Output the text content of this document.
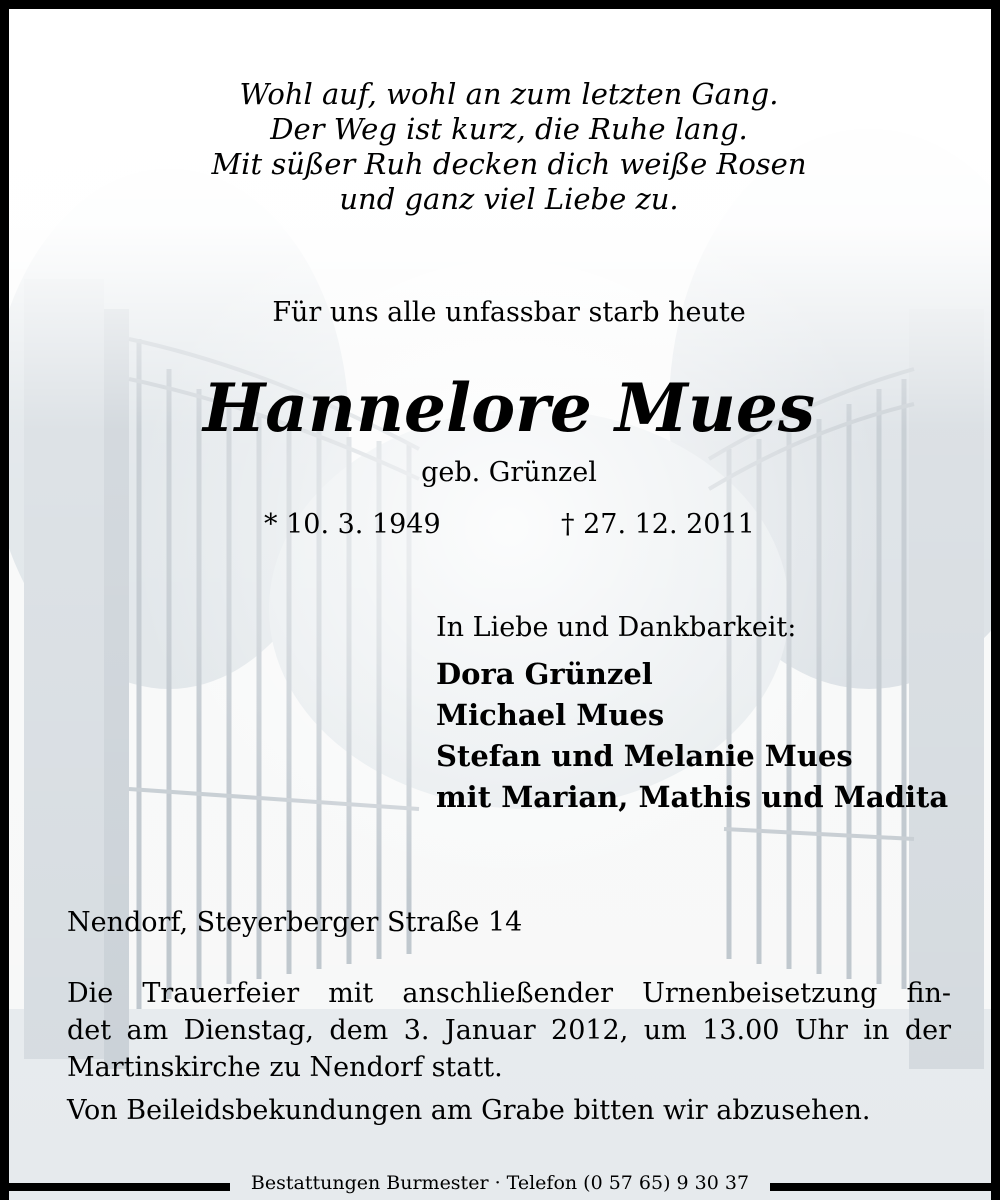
Wohl auf, wohl an zum letzten Gang.
Der Weg ist kurz, die Ruhe lang.
Mit süßer Ruh decken dich weiße Rosen
und ganz viel Liebe zu.
Für uns alle unfassbar starb heute
Hannelore Mues
geb. Grünzel
* 10. 3. 1949	† 27. 12. 2011
In Liebe und Dankbarkeit:
Dora Grünzel
Michael Mues
Stefan und Melanie Mues
mit Marian, Mathis und Madita
Nendorf, Steyerberger Straße 14
Die Trauerfeier mit anschließender Urnenbeisetzung fin-
det am Dienstag, dem 3. Januar 2012, um 13.00 Uhr in der
Martinskirche zu Nendorf statt.
Von Beileidsbekundungen am Grabe bitten wir abzusehen.
Bestattungen Burmester · Telefon (0 57 65) 9 30 37
